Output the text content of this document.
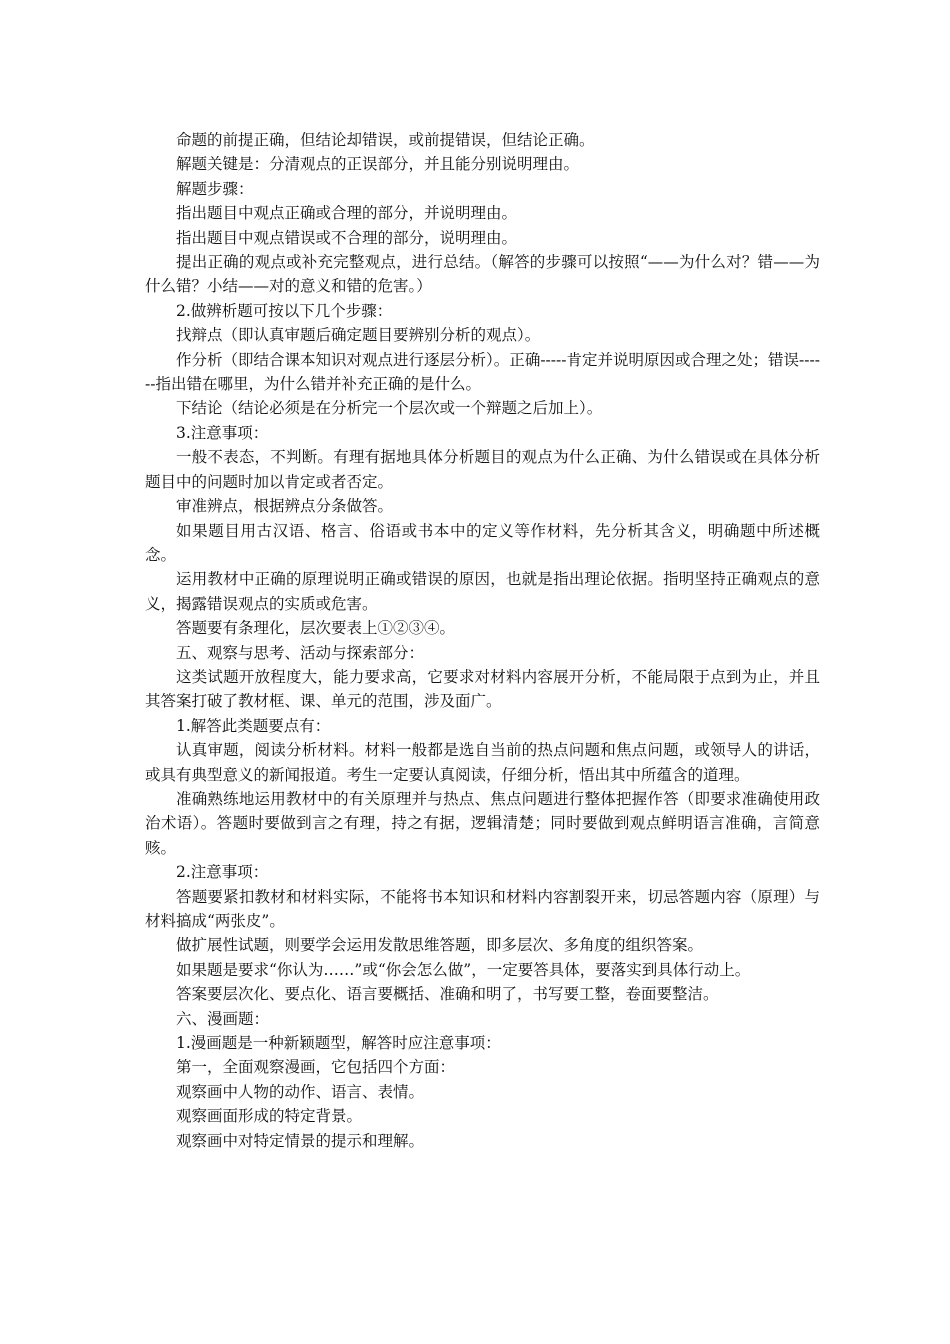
命题的前提正确，但结论却错误，或前提错误，但结论正确。

解题关键是：分清观点的正误部分，并且能分别说明理由。

解题步骤：

指出题目中观点正确或合理的部分，并说明理由。

指出题目中观点错误或不合理的部分，说明理由。

提出正确的观点或补充完整观点，进行总结。（解答的步骤可以按照“——为什么对？错——为什么错？小结——对的意义和错的危害。）

2.做辨析题可按以下几个步骤：

找辩点（即认真审题后确定题目要辨别分析的观点）。

作分析（即结合课本知识对观点进行逐层分析）。正确-----肯定并说明原因或合理之处；错误------指出错在哪里，为什么错并补充正确的是什么。

下结论（结论必须是在分析完一个层次或一个辩题之后加上）。

3.注意事项：

一般不表态，不判断。有理有据地具体分析题目的观点为什么正确、为什么错误或在具体分析题目中的问题时加以肯定或者否定。

审准辨点，根据辨点分条做答。

如果题目用古汉语、格言、俗语或书本中的定义等作材料，先分析其含义，明确题中所述概念。

运用教材中正确的原理说明正确或错误的原因，也就是指出理论依据。指明坚持正确观点的意义，揭露错误观点的实质或危害。

答题要有条理化，层次要表上①②③④。

五、观察与思考、活动与探索部分：

这类试题开放程度大，能力要求高，它要求对材料内容展开分析，不能局限于点到为止，并且其答案打破了教材框、课、单元的范围，涉及面广。

1.解答此类题要点有：

认真审题，阅读分析材料。材料一般都是选自当前的热点问题和焦点问题，或领导人的讲话，或具有典型意义的新闻报道。考生一定要认真阅读，仔细分析，悟出其中所蕴含的道理。

准确熟练地运用教材中的有关原理并与热点、焦点问题进行整体把握作答（即要求准确使用政治术语）。答题时要做到言之有理，持之有据，逻辑清楚；同时要做到观点鲜明语言准确，言简意赅。

2.注意事项：

答题要紧扣教材和材料实际，不能将书本知识和材料内容割裂开来，切忌答题内容（原理）与材料搞成“两张皮”。

做扩展性试题，则要学会运用发散思维答题，即多层次、多角度的组织答案。

如果题是要求“你认为……”或“你会怎么做”，一定要答具体，要落实到具体行动上。

答案要层次化、要点化、语言要概括、准确和明了，书写要工整，卷面要整洁。

六、漫画题：

1.漫画题是一种新颖题型，解答时应注意事项：

第一，全面观察漫画，它包括四个方面：

观察画中人物的动作、语言、表情。

观察画面形成的特定背景。

观察画中对特定情景的提示和理解。
